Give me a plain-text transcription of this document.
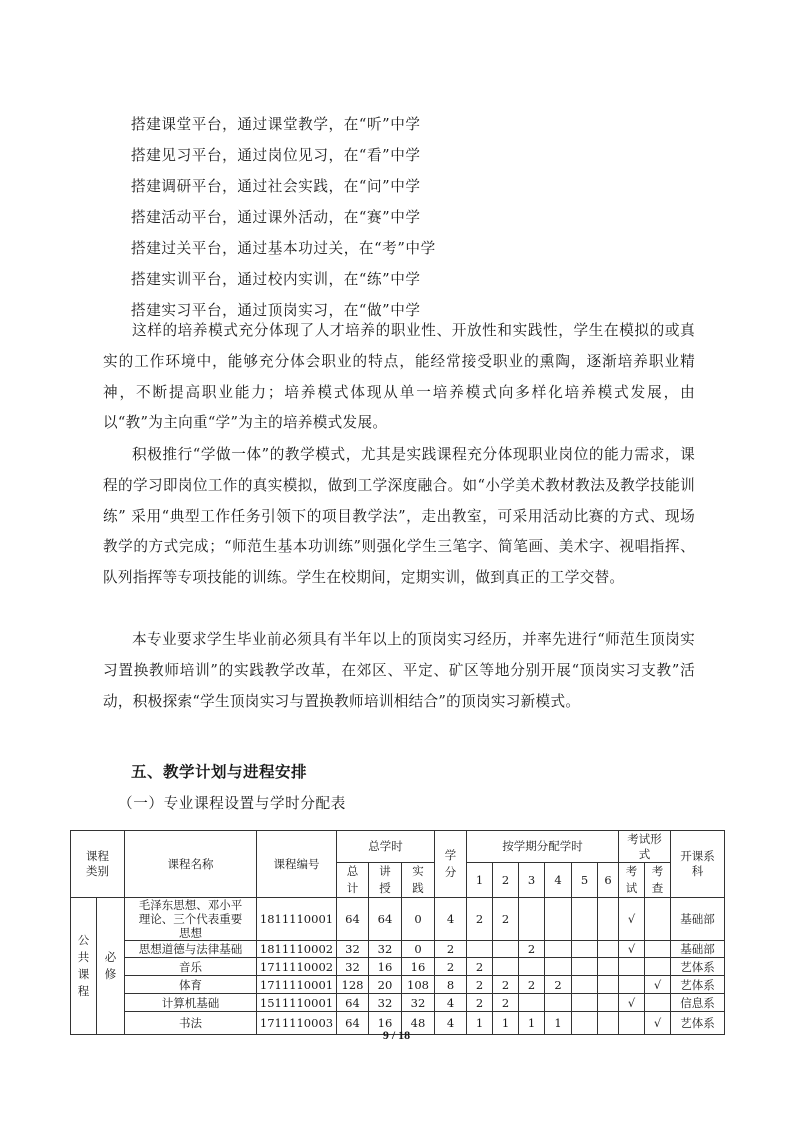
搭建课堂平台，通过课堂教学，在“听”中学
搭建见习平台，通过岗位见习，在“看”中学
搭建调研平台，通过社会实践，在“问”中学
搭建活动平台，通过课外活动，在“赛”中学
搭建过关平台，通过基本功过关，在“考”中学
搭建实训平台，通过校内实训，在“练”中学
搭建实习平台，通过顶岗实习，在“做”中学

这样的培养模式充分体现了人才培养的职业性、开放性和实践性，学生在模拟的或真实的工作环境中，能够充分体会职业的特点，能经常接受职业的熏陶，逐渐培养职业精神，不断提高职业能力；培养模式体现从单一培养模式向多样化培养模式发展，由以“教”为主向重“学”为主的培养模式发展。

积极推行“学做一体”的教学模式，尤其是实践课程充分体现职业岗位的能力需求，课程的学习即岗位工作的真实模拟，做到工学深度融合。如“小学美术教材教法及教学技能训练” 采用“典型工作任务引领下的项目教学法”，走出教室，可采用活动比赛的方式、现场教学的方式完成；“师范生基本功训练”则强化学生三笔字、简笔画、美术字、视唱指挥、队列指挥等专项技能的训练。学生在校期间，定期实训，做到真正的工学交替。

本专业要求学生毕业前必须具有半年以上的顶岗实习经历，并率先进行“师范生顶岗实习置换教师培训”的实践教学改革，在郊区、平定、矿区等地分别开展“顶岗实习支教”活动，积极探索“学生顶岗实习与置换教师培训相结合”的顶岗实习新模式。

五、教学计划与进程安排
（一）专业课程设置与学时分配表
课程类别		课程名称	课程编号	总学时			学分	按学期分配学时						考试形式		开课系科
				总计	讲授	实践		1	2	3	4	5	6	考试	考查	
公共课程	必修	毛泽东思想、邓小平理论、三个代表重要思想	1811110001	64	64	0	4	2	2					√		基础部
		思想道德与法律基础	1811110002	32	32	0	2			2				√		基础部
		音乐	1711110002	32	16	16	2	2								艺体系
		体育	1711110001	128	20	108	8	2	2	2	2				√	艺体系
		计算机基础	1511110001	64	32	32	4	2	2					√		信息系
		书法	1711110003	64	16	48	4	1	1	1	1				√	艺体系
9 / 18
